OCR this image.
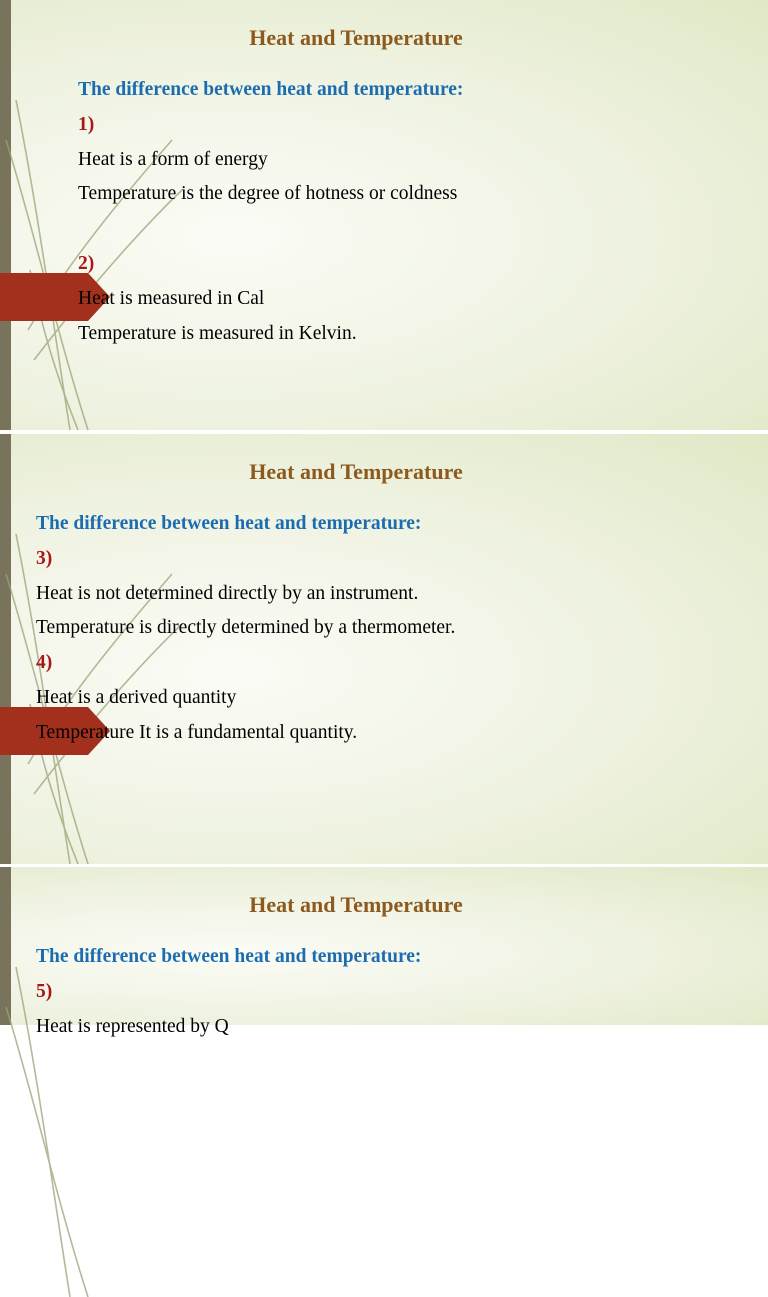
Heat and Temperature
The difference between heat and temperature:
1)
Heat is a form of energy
Temperature is the degree of hotness or coldness
2)
Heat is measured in Cal
Temperature is measured in Kelvin.
Heat and Temperature
The difference between heat and temperature:
3)
Heat is not determined directly by an instrument.
Temperature is directly determined by a thermometer.
4)
Heat is a derived quantity
Temperature It is a fundamental quantity.
Heat and Temperature
The difference between heat and temperature:
5)
Heat is represented by Q
